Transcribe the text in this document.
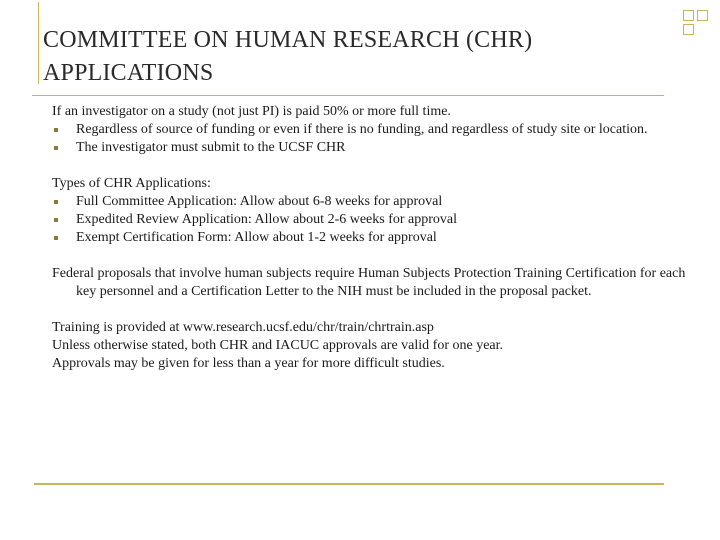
COMMITTEE ON HUMAN RESEARCH (CHR) APPLICATIONS

If an investigator on a study (not just PI) is paid 50% or more full time.

Regardless of source of funding or even if there is no funding, and regardless of study site or location.
The investigator must submit to the UCSF CHR

Types of CHR Applications:

Full Committee Application: Allow about 6-8 weeks for approval
Expedited Review Application: Allow about 2-6 weeks for approval
Exempt Certification Form: Allow about 1-2 weeks for approval

Federal proposals that involve human subjects require Human Subjects Protection Training Certification for each key personnel and a Certification Letter to the NIH must be included in the proposal packet.

Training is provided at www.research.ucsf.edu/chr/train/chrtrain.asp
Unless otherwise stated, both CHR and IACUC approvals are valid for one year.
Approvals may be given for less than a year for more difficult studies.
